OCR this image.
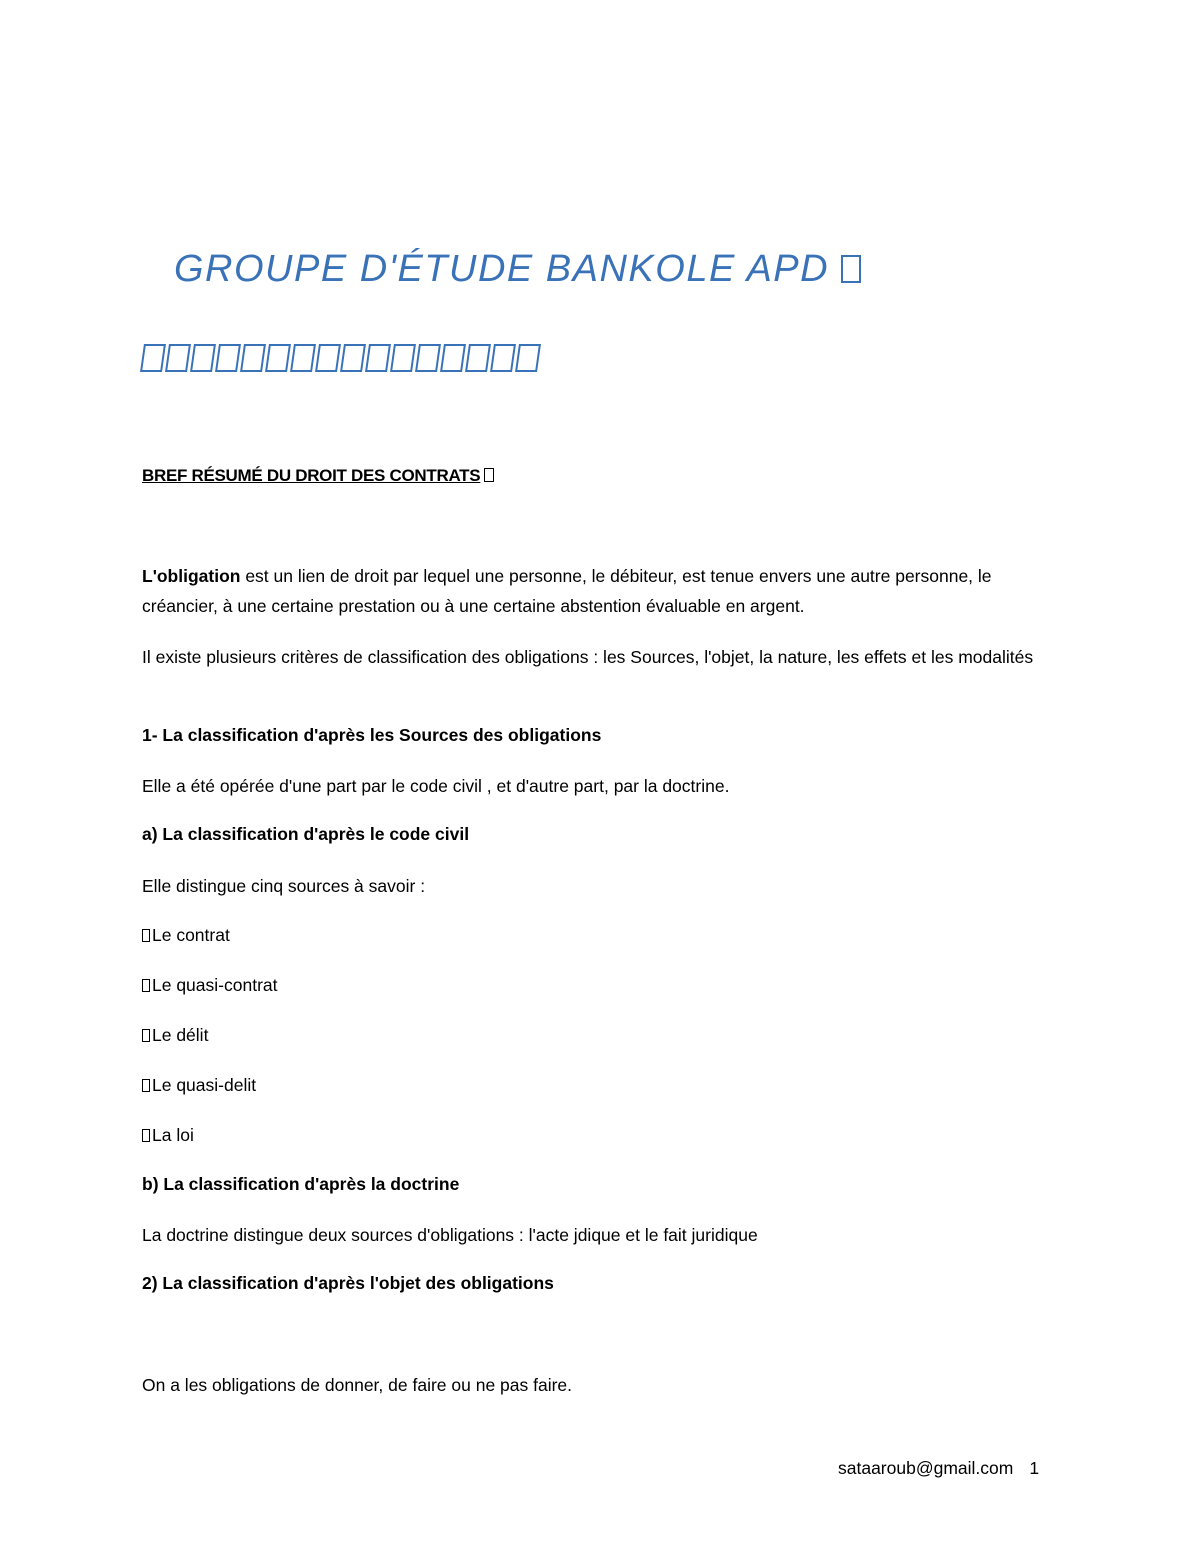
GROUPE D'ÉTUDE BANKOLE APD
BREF RÉSUMÉ DU DROIT DES CONTRATS
L'obligation est un lien de droit par lequel une personne, le débiteur, est tenue envers une autre personne, le créancier, à une certaine prestation ou à une certaine abstention évaluable en argent.
Il existe plusieurs critères de classification des obligations : les Sources, l'objet, la nature, les effets et les modalités
1- La classification d'après les Sources des obligations
Elle a été opérée d'une part par le code civil , et d'autre part, par la doctrine.
a) La classification d'après le code civil
Elle distingue cinq sources à savoir :
Le contrat
Le quasi-contrat
Le délit
Le quasi-delit
La loi
b) La classification d'après la doctrine
La doctrine distingue deux sources d'obligations : l'acte jdique et le fait juridique
2) La classification d'après l'objet des obligations
On a les obligations de donner, de faire ou ne pas faire.
sataaroub@gmail.com 1
